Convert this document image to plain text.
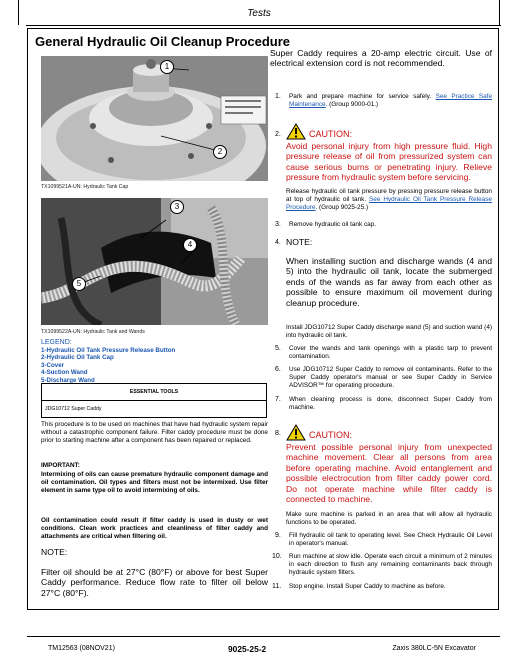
Tests
General Hydraulic Oil Cleanup Procedure
1
2
TX1099521A-UN: Hydraulic Tank Cap
3
4
5
TX1099522A-UN: Hydraulic Tank and Wands
LEGEND:
1-Hydraulic Oil Tank Pressure Release Button
2-Hydraulic Oil Tank Cap
3-Cover
4-Suction Wand
5-Discharge Wand
ESSENTIAL TOOLS
JDG10712 Super Caddy
This procedure is to be used on machines that have had hydraulic system repair without a catastrophic component failure. Filter caddy procedure must be done prior to starting machine after a component has been repaired or replaced.
IMPORTANT:
Intermixing of oils can cause premature hydraulic component damage and oil contamination. Oil types and filters must not be intermixed. Use filter element in same type oil to avoid intermixing of oils.
Oil contamination could result if filter caddy is used in dusty or wet conditions. Clean work practices and cleanliness of filter caddy and attachments are critical when filtering oil.
NOTE:
Filter oil should be at 27°C (80°F) or above for best Super Caddy performance. Reduce flow rate to filter oil below 27°C (80°F).
Super Caddy requires a 20-amp electric circuit. Use of electrical extension cord is not recommended.
1. Park and prepare machine for service safely. See Practice Safe Maintenance. (Group 9000-01.)
2.	CAUTION:
Avoid personal injury from high pressure fluid. High pressure release of oil from pressurized system can cause serious burns or penetrating injury. Relieve pressure from hydraulic system before servicing.
Release hydraulic oil tank pressure by pressing pressure release button at top of hydraulic oil tank. See Hydraulic Oil Tank Pressure Release Procedure. (Group 9025-25.)
3. Remove hydraulic oil tank cap.
4. NOTE:
When installing suction and discharge wands (4 and 5) into the hydraulic oil tank, locate the submerged ends of the wands as far away from each other as possible to ensure maximum oil movement during cleanup procedure.
Install JDG10712 Super Caddy discharge wand (5) and suction wand (4) into hydraulic oil tank.
5. Cover the wands and tank openings with a plastic tarp to prevent contamination.
6. Use JDG10712 Super Caddy to remove oil contaminants. Refer to the Super Caddy operator's manual or see Super Caddy in Service ADVISOR™ for operating procedure.
7. When cleaning process is done, disconnect Super Caddy from machine.
8.	CAUTION:
Prevent possible personal injury from unexpected machine movement. Clear all persons from area before operating machine. Avoid entanglement and possible electrocution from filter caddy power cord. Do not operate machine while filter caddy is connected to machine.
Make sure machine is parked in an area that will allow all hydraulic functions to be operated.
9. Fill hydraulic oil tank to operating level. See Check Hydraulic Oil Level in operator's manual.
10. Run machine at slow idle. Operate each circuit a minimum of 2 minutes in each direction to flush any remaining contaminants back through hydraulic system filters.
11. Stop engine. Install Super Caddy to machine as before.
TM12563 (08NOV21)	9025-25-2	Zaxis 380LC-5N Excavator
